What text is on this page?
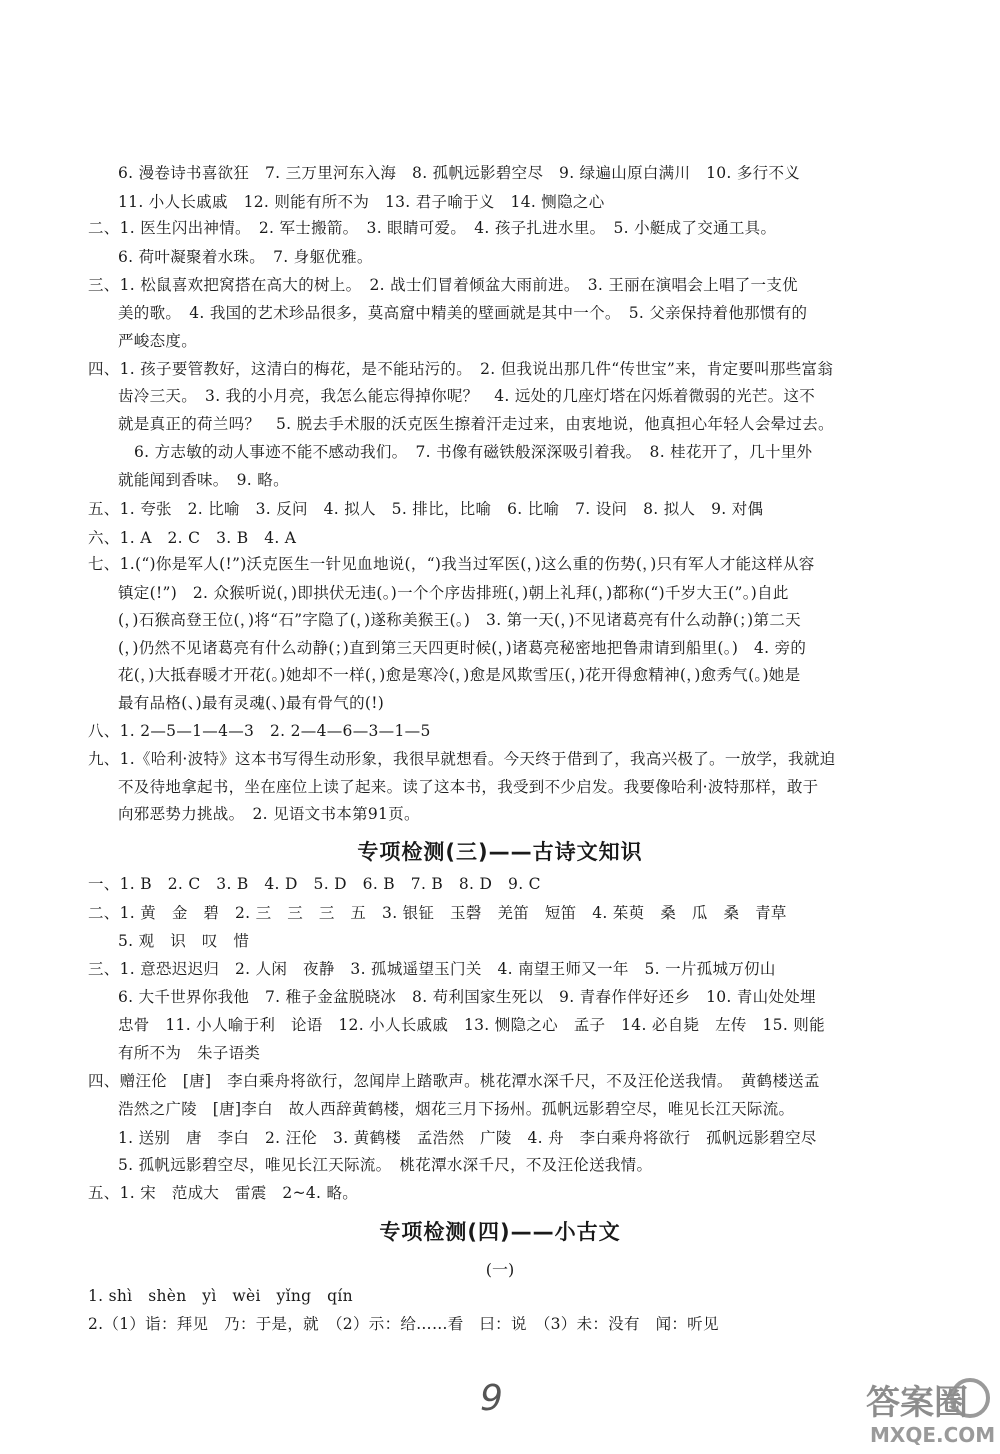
6. 漫卷诗书喜欲狂　7. 三万里河东入海　8. 孤帆远影碧空尽　9. 绿遍山原白满川　10. 多行不义
11. 小人长戚戚　12. 则能有所不为　13. 君子喻于义　14. 恻隐之心
二、1. 医生闪出神情。　2. 军士搬箭。　3. 眼睛可爱。　4. 孩子扎进水里。　5. 小艇成了交通工具。
6. 荷叶凝聚着水珠。　7. 身躯优雅。
三、1. 松鼠喜欢把窝搭在高大的树上。　2. 战士们冒着倾盆大雨前进。　3. 王丽在演唱会上唱了一支优
美的歌。　4. 我国的艺术珍品很多，莫高窟中精美的壁画就是其中一个。　5. 父亲保持着他那惯有的
严峻态度。
四、1. 孩子要管教好，这清白的梅花，是不能玷污的。　2. 但我说出那几件“传世宝”来，肯定要叫那些富翁
齿冷三天。　3. 我的小月亮，我怎么能忘得掉你呢？　4. 远处的几座灯塔在闪烁着微弱的光芒。这不
就是真正的荷兰吗？　5. 脱去手术服的沃克医生擦着汗走过来，由衷地说，他真担心年轻人会晕过去。
6. 方志敏的动人事迹不能不感动我们。　7. 书像有磁铁般深深吸引着我。　8. 桂花开了，几十里外
就能闻到香味。　9. 略。
五、1. 夸张　2. 比喻　3. 反问　4. 拟人　5. 排比，比喻　6. 比喻　7. 设问　8. 拟人　9. 对偶
六、1. A　2. C　3. B　4. A
七、1.(“)你是军人(!”)沃克医生一针见血地说(，“)我当过军医(，)这么重的伤势(，)只有军人才能这样从容
镇定(!”)　2. 众猴听说(，)即拱伏无违(。)一个个序齿排班(，)朝上礼拜(，)都称(“)千岁大王(”。)自此
(，)石猴高登王位(，)将“石”字隐了(，)遂称美猴王(。)　3. 第一天(，)不见诸葛亮有什么动静(；)第二天
(，)仍然不见诸葛亮有什么动静(；)直到第三天四更时候(，)诸葛亮秘密地把鲁肃请到船里(。)　4. 旁的
花(，)大抵春暖才开花(。)她却不一样(，)愈是寒冷(，)愈是风欺雪压(，)花开得愈精神(，)愈秀气(。)她是
最有品格(、)最有灵魂(、)最有骨气的(!)
八、1. 2—5—1—4—3　2. 2—4—6—3—1—5
九、1.《哈利·波特》这本书写得生动形象，我很早就想看。今天终于借到了，我高兴极了。一放学，我就迫
不及待地拿起书，坐在座位上读了起来。读了这本书，我受到不少启发。我要像哈利·波特那样，敢于
向邪恶势力挑战。　2. 见语文书本第91页。
专项检测(三)——古诗文知识
一、1. B　2. C　3. B　4. D　5. D　6. B　7. B　8. D　9. C
二、1. 黄　金　碧　2. 三　三　三　五　3. 银钲　玉磬　羌笛　短笛　4. 茱萸　桑　瓜　桑　青草
5. 观　识　叹　惜
三、1. 意恐迟迟归　2. 人闲　夜静　3. 孤城遥望玉门关　4. 南望王师又一年　5. 一片孤城万仞山
6. 大千世界你我他　7. 稚子金盆脱晓冰　8. 苟利国家生死以　9. 青春作伴好还乡　10. 青山处处埋
忠骨　11. 小人喻于利　论语　12. 小人长戚戚　13. 恻隐之心　孟子　14. 必自毙　左传　15. 则能
有所不为　朱子语类
四、赠汪伦　[唐]　李白乘舟将欲行，忽闻岸上踏歌声。桃花潭水深千尺，不及汪伦送我情。　黄鹤楼送孟
浩然之广陵　[唐]李白　故人西辞黄鹤楼，烟花三月下扬州。孤帆远影碧空尽，唯见长江天际流。
1. 送别　唐　李白　2. 汪伦　3. 黄鹤楼　孟浩然　广陵　4. 舟　李白乘舟将欲行　孤帆远影碧空尽
5. 孤帆远影碧空尽，唯见长江天际流。　桃花潭水深千尺，不及汪伦送我情。
五、1. 宋　范成大　雷震　2~4. 略。
专项检测(四)——小古文
(一)
1. shì　shèn　yì　wèi　yǐng　qín
2.（1）诣：拜见　乃：于是，就　（2）示：给……看　曰：说　（3）未：没有　闻：听见
9	答案圈
MXQE.COM
